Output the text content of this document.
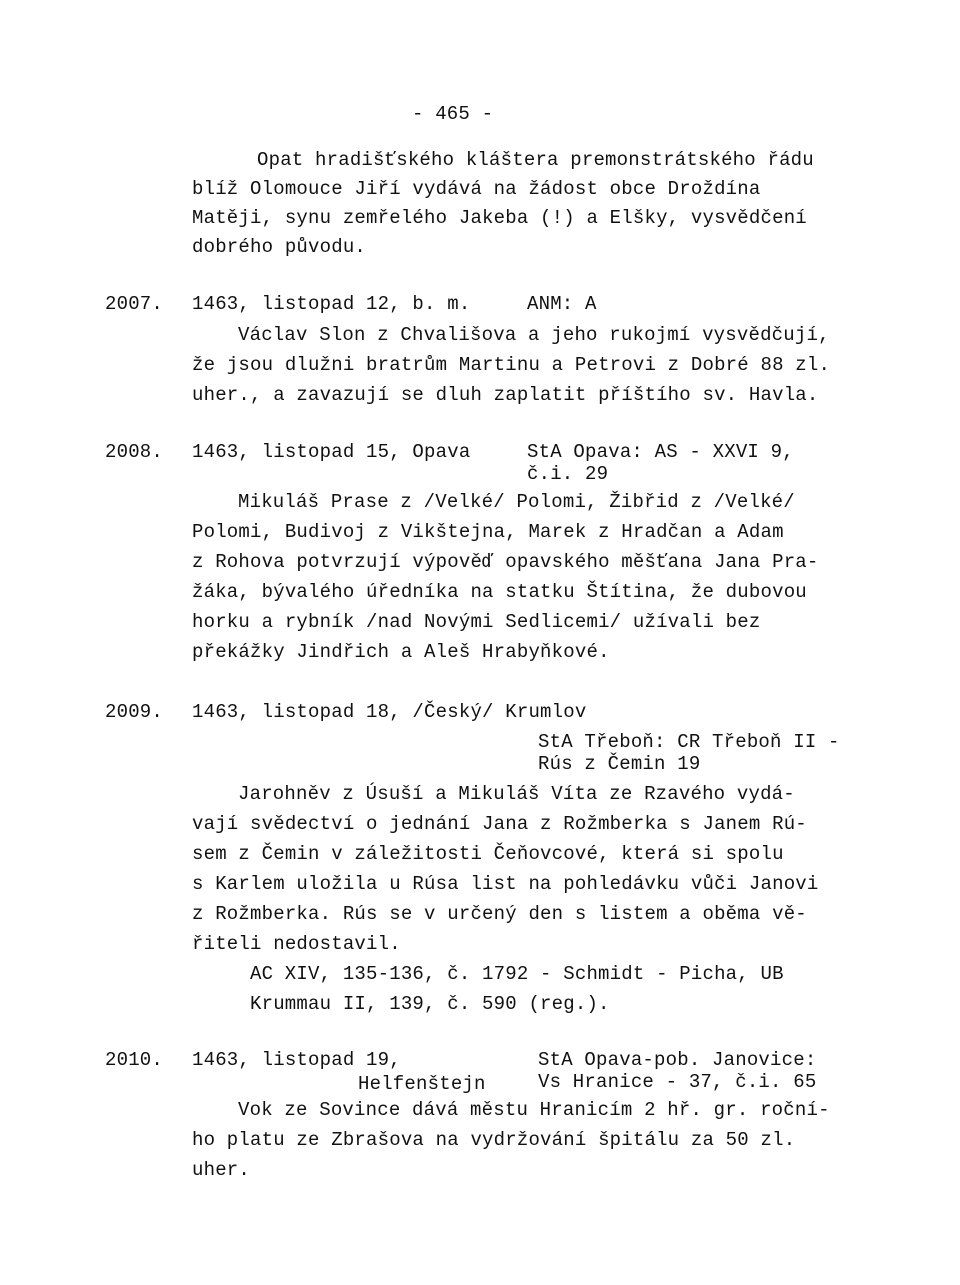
- 465 -
Opat hradišťského kláštera premonstrátského řádu
blíž Olomouce Jiří vydává na žádost obce Droždína
Matěji, synu zemřelého Jakeba (!) a Elšky, vysvědčení
dobrého původu.
2007. 1463, listopad 12, b. m.	ANM: A
Václav Slon z Chvališova a jeho rukojmí vysvědčují,
že jsou dlužni bratrům Martinu a Petrovi z Dobré 88 zl.
uher., a zavazují se dluh zaplatit příštího sv. Havla.
2008. 1463, listopad 15, Opava	StA Opava: AS - XXVI 9,
č.i. 29
Mikuláš Prase z /Velké/ Polomi, Žibřid z /Velké/
Polomi, Budivoj z Vikštejna, Marek z Hradčan a Adam
z Rohova potvrzují výpověď opavského měšťana Jana Pra-
žáka, bývalého úředníka na statku Štítina, že dubovou
horku a rybník /nad Novými Sedlicemi/ užívali bez
překážky Jindřich a Aleš Hrabyňkové.
2009. 1463, listopad 18, /Český/ Krumlov
StA Třeboň: CR Třeboň II -
Rús z Čemin 19
Jarohněv z Úsuší a Mikuláš Víta ze Rzavého vydá-
vají svědectví o jednání Jana z Rožmberka s Janem Rú-
sem z Čemin v záležitosti Čeňovcové, která si spolu
s Karlem uložila u Rúsa list na pohledávku vůči Janovi
z Rožmberka. Rús se v určený den s listem a oběma vě-
řiteli nedostavil.
AC XIV, 135-136, č. 1792 - Schmidt - Picha, UB
Krummau II, 139, č. 590 (reg.).
2010. 1463, listopad 19,	StA Opava-pob. Janovice:
Helfenštejn	Vs Hranice - 37, č.i. 65
Vok ze Sovince dává městu Hranicím 2 hř. gr. roční-
ho platu ze Zbrašova na vydržování špitálu za 50 zl.
uher.
